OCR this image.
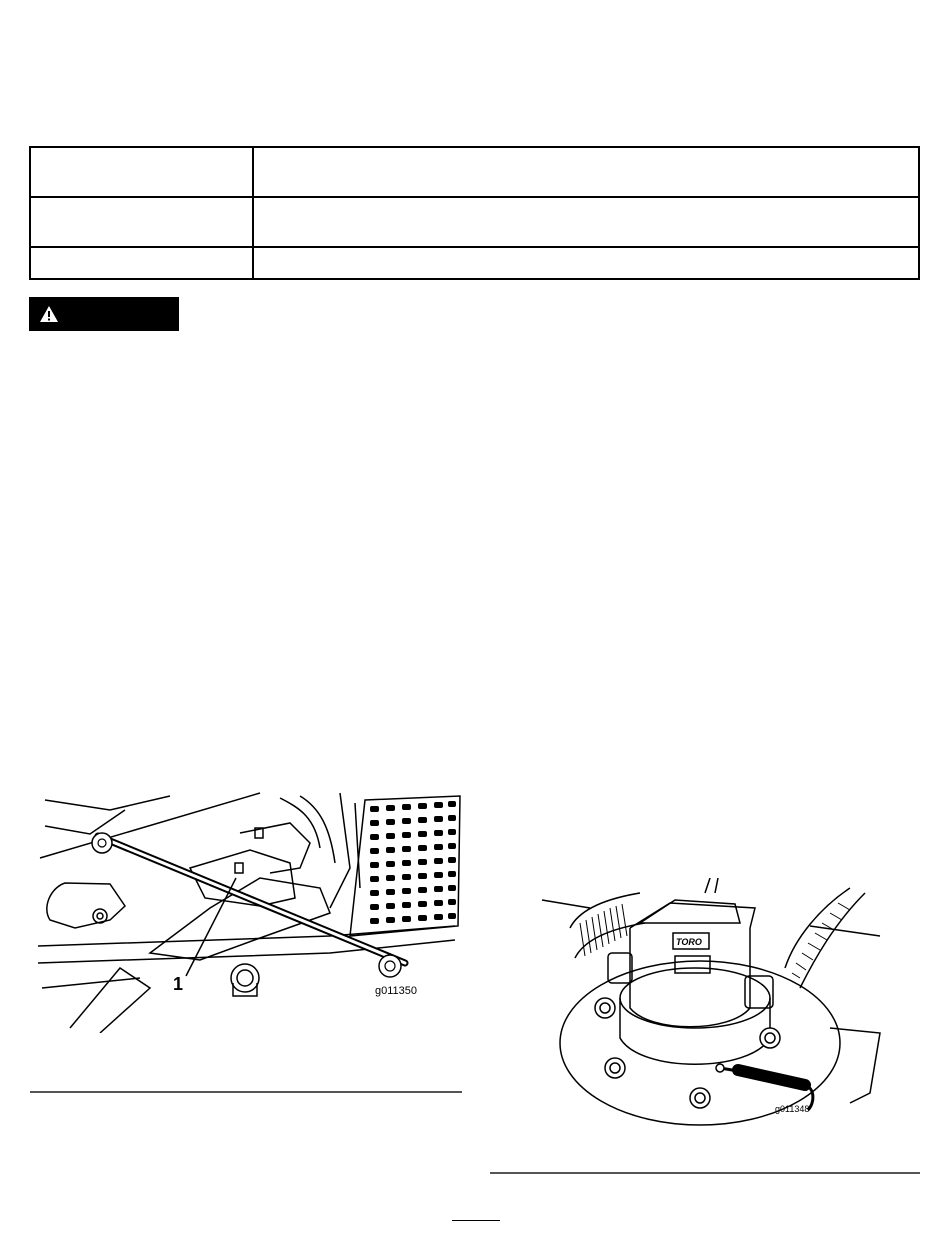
1	g011350
TORO
g011348
